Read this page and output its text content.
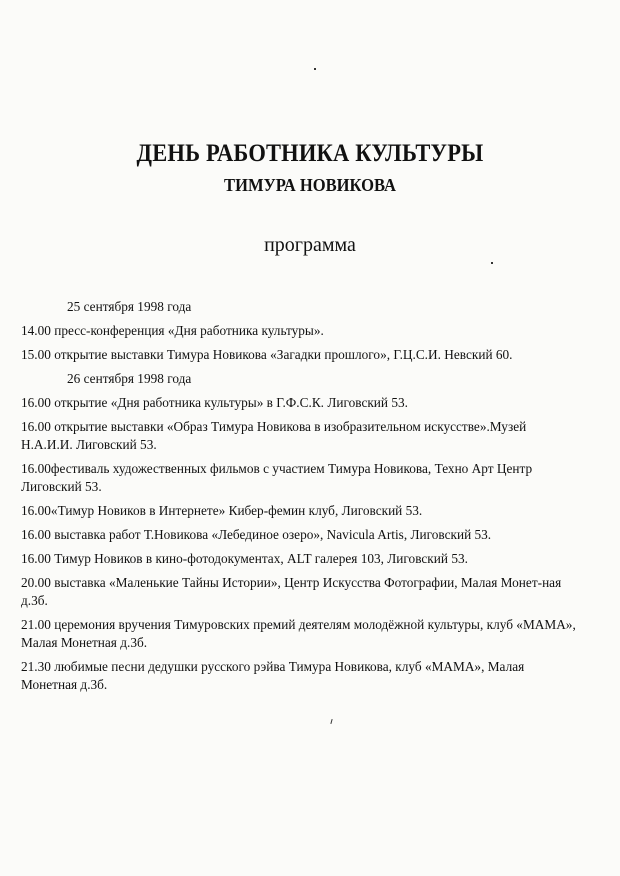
ДЕНЬ РАБОТНИКА КУЛЬТУРЫ
ТИМУРА НОВИКОВА

программа

25 сентября 1998 года
14.00 пресс-конференция «Дня работника культуры».
15.00 открытие выставки Тимура Новикова «Загадки прошлого», Г.Ц.С.И. Невский 60.
26 сентября 1998 года
16.00 открытие «Дня работника культуры» в Г.Ф.С.К. Лиговский 53.
16.00 открытие выставки «Образ Тимура Новикова в изобразительном искусстве».Музей Н.А.И.И. Лиговский 53.
16.00фестиваль художественных фильмов с участием Тимура Новикова, Техно Арт Центр Лиговский 53.
16.00«Тимур Новиков в Интернете» Кибер-фемин клуб, Лиговский 53.
16.00 выставка работ Т.Новикова «Лебединое озеро», Navicula Artis, Лиговский 53.
16.00 Тимур Новиков в кино-фотодокументах, ALT галерея 103, Лиговский 53.
20.00 выставка «Маленькие Тайны Истории», Центр Искусства Фотографии, Малая Монет-ная д.3б.
21.00 церемония вручения Тимуровских премий деятелям молодёжной культуры, клуб «МАМА», Малая Монетная д.3б.
21.30 любимые песни дедушки русского рэйва Тимура Новикова, клуб «МАМА», Малая Монетная д.3б.
